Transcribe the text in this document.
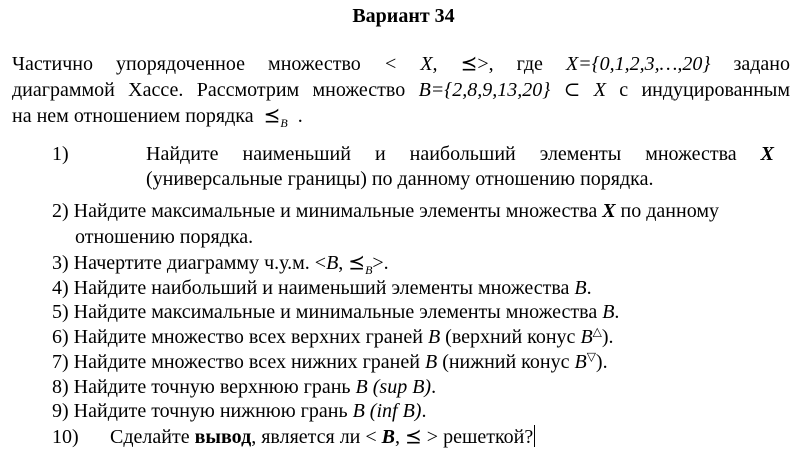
Вариант 34
Частично упорядоченное множество < X, ⪯>, где X={0,1,2,3,…,20} задано
диаграммой Хассе. Рассмотрим множество B={2,8,9,13,20} ⊂ X с индуцированным
на нем отношением порядка $⪯_B$ .
1)	Найдите наименьший и наибольший элементы множества X
(универсальные границы) по данному отношению порядка.
2) Найдите максимальные и минимальные элементы множества X по данному
отношению порядка.
3) Начертите диаграмму ч.у.м. <B, $⪯_B>$.
4) Найдите наибольший и наименьший элементы множества B.
5) Найдите максимальные и минимальные элементы множества B.
6) Найдите множество всех верхних граней B (верхний конус B△).
7) Найдите множество всех нижних граней B (нижний конус B▽).
8) Найдите точную верхнюю грань B (sup B).
9) Найдите точную нижнюю грань B (inf B).
10) Сделайте вывод, является ли < B, ⪯ > решеткой?
